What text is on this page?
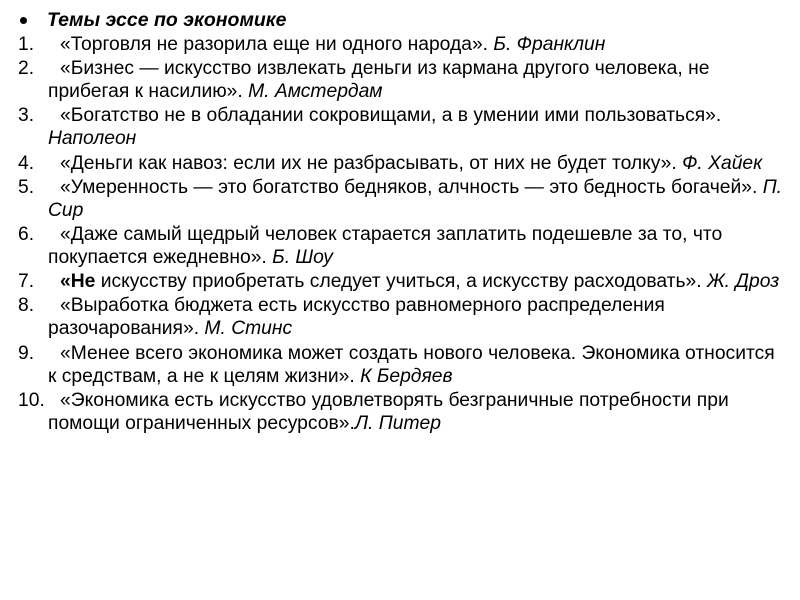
Темы эссе по экономике
1.	«Торговля не разорила еще ни одного народа». Б. Франклин
2.	«Бизнес — искусство извлекать деньги из кармана другого человека, не прибегая к насилию». М. Амстердам
3.	«Богатство не в обладании сокровищами, а в умении ими пользоваться». Наполеон
4.	«Деньги как навоз: если их не разбрасывать, от них не будет толку». Ф. Хайек
5.	«Умеренность — это богатство бедняков, алчность — это бедность богачей». П. Сир
6.	«Даже самый щедрый человек старается заплатить подешевле за то, что покупается ежедневно». Б. Шоу
7.	«Не искусству приобретать следует учиться, а искусству расходовать». Ж. Дроз
8.	«Выработка бюджета есть искусство равномерного распределения разочарования». М. Стинс
9.	«Менее всего экономика может создать нового человека. Экономика относится к средствам, а не к целям жизни». К Бердяев
10. «Экономика есть искусство удовлетворять безграничные потребности при помощи ограниченных ресурсов».Л. Питер
